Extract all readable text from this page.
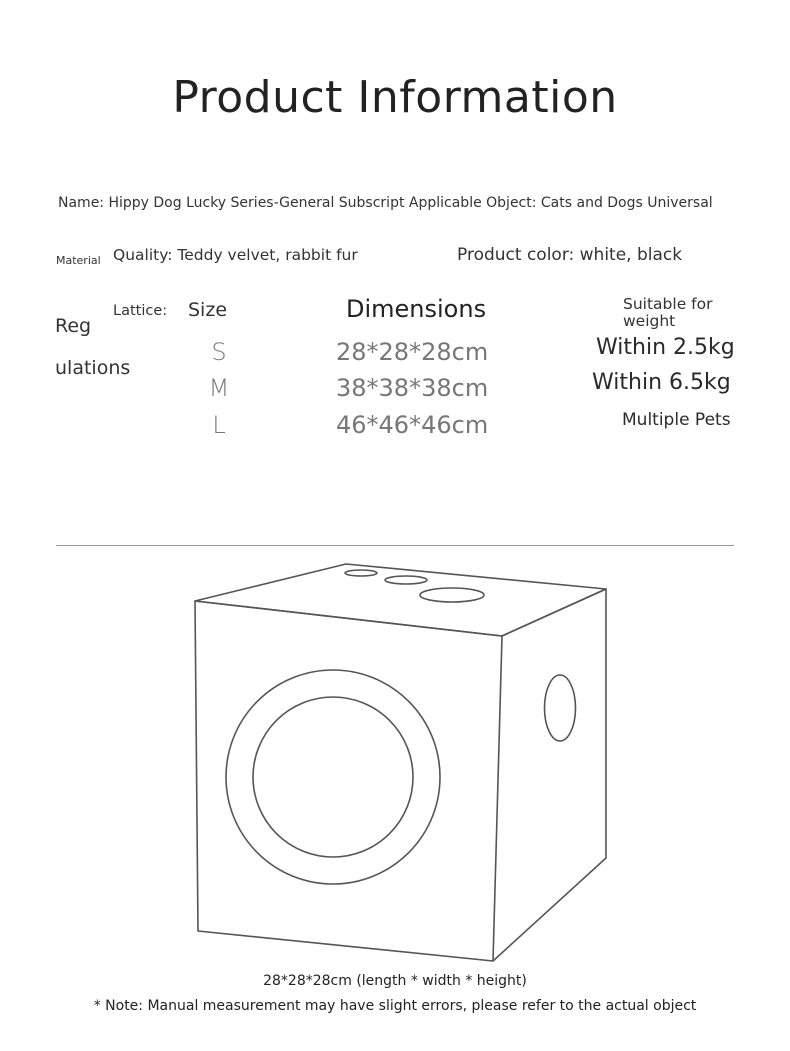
Product Information
Name: Hippy Dog Lucky Series-General Subscript Applicable Object: Cats and Dogs Universal
Material Quality: Teddy velvet, rabbit fur	Product color: white, black
Reg
ulations
Lattice: Size	Dimensions	Suitable for weight
S	28*28*28cm	Within 2.5kg
M	38*38*38cm	Within 6.5kg
L	46*46*46cm	Multiple Pets
28*28*28cm (length * width * height)
* Note: Manual measurement may have slight errors, please refer to the actual object
